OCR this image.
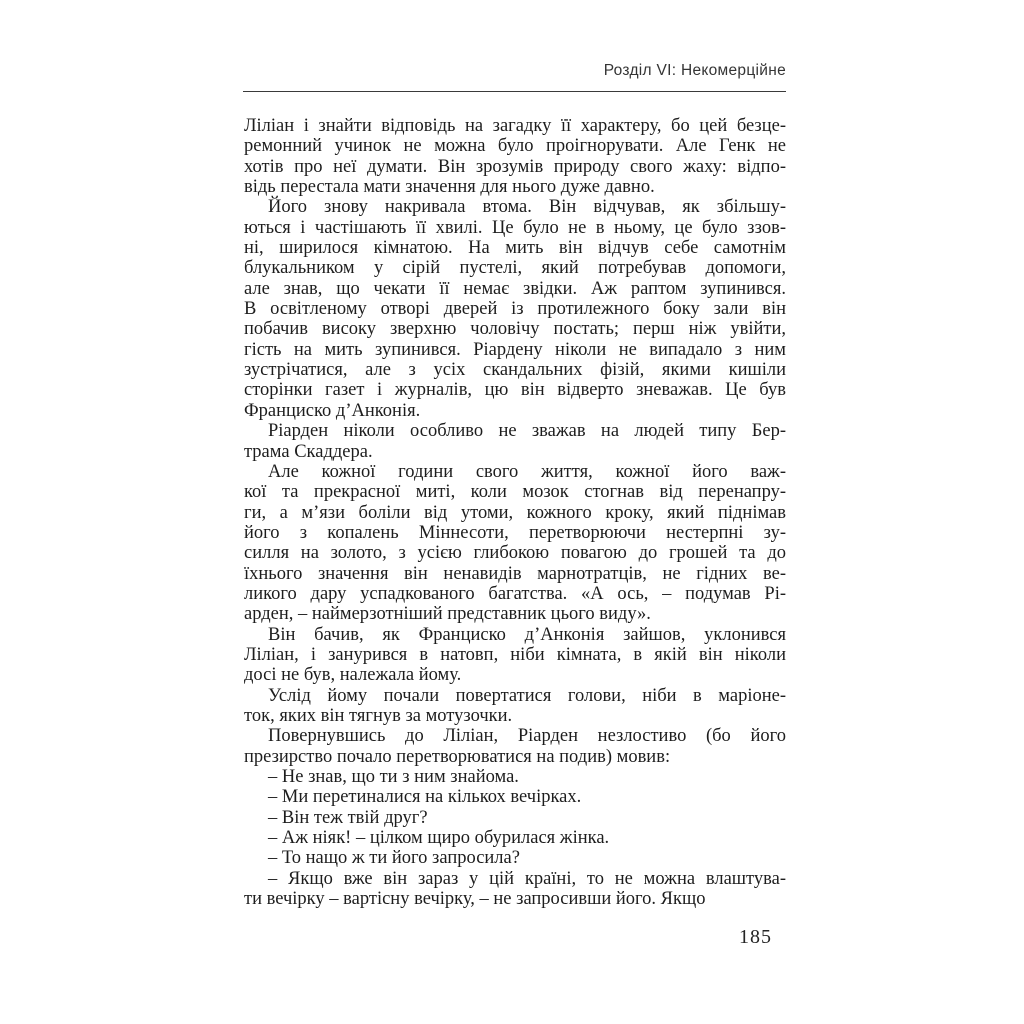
Розділ VI: Некомерційне
Ліліан і знайти відповідь на загадку її характеру, бо цей безце-
ремонний учинок не можна було проігнорувати. Але Генк не
хотів про неї думати. Він зрозумів природу свого жаху: відпо-
відь перестала мати значення для нього дуже давно.
Його знову накривала втома. Він відчував, як збільшу-
ються і частішають її хвилі. Це було не в ньому, це було ззов-
ні, ширилося кімнатою. На мить він відчув себе самотнім
блукальником у сірій пустелі, який потребував допомоги,
але знав, що чекати її немає звідки. Аж раптом зупинився.
В освітленому отворі дверей із протилежного боку зали він
побачив високу зверхню чоловічу постать; перш ніж увійти,
гість на мить зупинився. Ріардену ніколи не випадало з ним
зустрічатися, але з усіх скандальних фізій, якими кишіли
сторінки газет і журналів, цю він відверто зневажав. Це був
Франциско д’Анконія.
Ріарден ніколи особливо не зважав на людей типу Бер-
трама Скаддера.
Але кожної години свого життя, кожної його важ-
кої та прекрасної миті, коли мозок стогнав від перенапру-
ги, а м’язи боліли від утоми, кожного кроку, який піднімав
його з копалень Міннесоти, перетворюючи нестерпні зу-
силля на золото, з усією глибокою повагою до грошей та до
їхнього значення він ненавидів марнотратців, не гідних ве-
ликого дару успадкованого багатства. «А ось, – подумав Рі-
арден, – наймерзотніший представник цього виду».
Він бачив, як Франциско д’Анконія зайшов, уклонився
Ліліан, і занурився в натовп, ніби кімната, в якій він ніколи
досі не був, належала йому.
Услід йому почали повертатися голови, ніби в маріоне-
ток, яких він тягнув за мотузочки.
Повернувшись до Ліліан, Ріарден незлостиво (бо його
презирство почало перетворюватися на подив) мовив:
– Не знав, що ти з ним знайома.
– Ми перетиналися на кількох вечірках.
– Він теж твій друг?
– Аж ніяк! – цілком щиро обурилася жінка.
– То нащо ж ти його запросила?
– Якщо вже він зараз у цій країні, то не можна влаштува-
ти вечірку – вартісну вечірку, – не запросивши його. Якщо
185
